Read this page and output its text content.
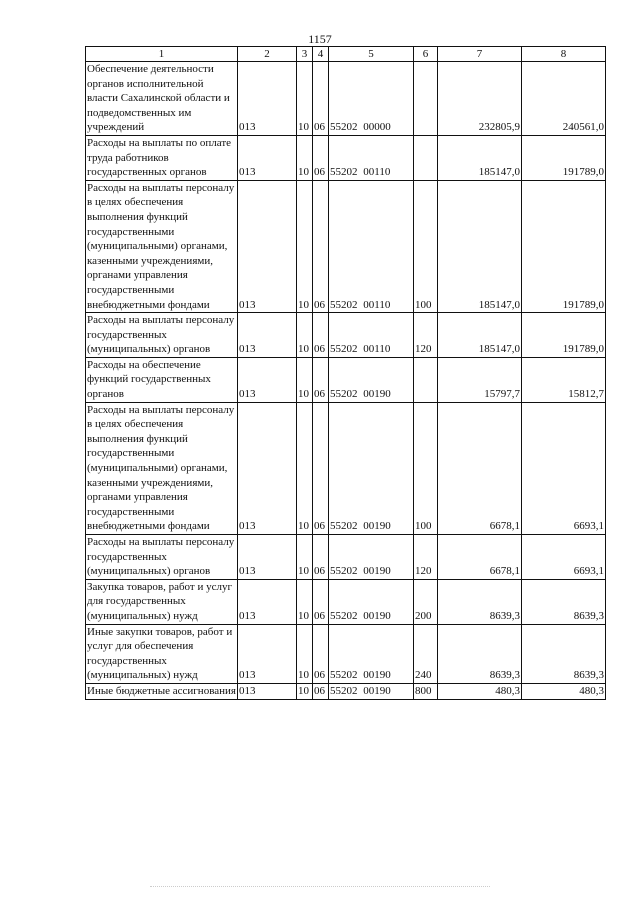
1157
1	2	3	4	5	6	7	8
Обеспечение деятельности органов исполнительной власти Сахалинской области и подведомственных им учреждений	013	10	06	55202 00000		232805,9	240561,0
Расходы на выплаты по оплате труда работников государственных органов	013	10	06	55202 00110		185147,0	191789,0
Расходы на выплаты персоналу в целях обеспечения выполнения функций государственными (муниципальными) органами, казенными учреждениями, органами управления государственными внебюджетными фондами	013	10	06	55202 00110	100	185147,0	191789,0
Расходы на выплаты персоналу государственных (муниципальных) органов	013	10	06	55202 00110	120	185147,0	191789,0
Расходы на обеспечение функций государственных органов	013	10	06	55202 00190		15797,7	15812,7
Расходы на выплаты персоналу в целях обеспечения выполнения функций государственными (муниципальными) органами, казенными учреждениями, органами управления государственными внебюджетными фондами	013	10	06	55202 00190	100	6678,1	6693,1
Расходы на выплаты персоналу государственных (муниципальных) органов	013	10	06	55202 00190	120	6678,1	6693,1
Закупка товаров, работ и услуг для государственных (муниципальных) нужд	013	10	06	55202 00190	200	8639,3	8639,3
Иные закупки товаров, работ и услуг для обеспечения государственных (муниципальных) нужд	013	10	06	55202 00190	240	8639,3	8639,3
Иные бюджетные ассигнования	013	10	06	55202 00190	800	480,3	480,3
